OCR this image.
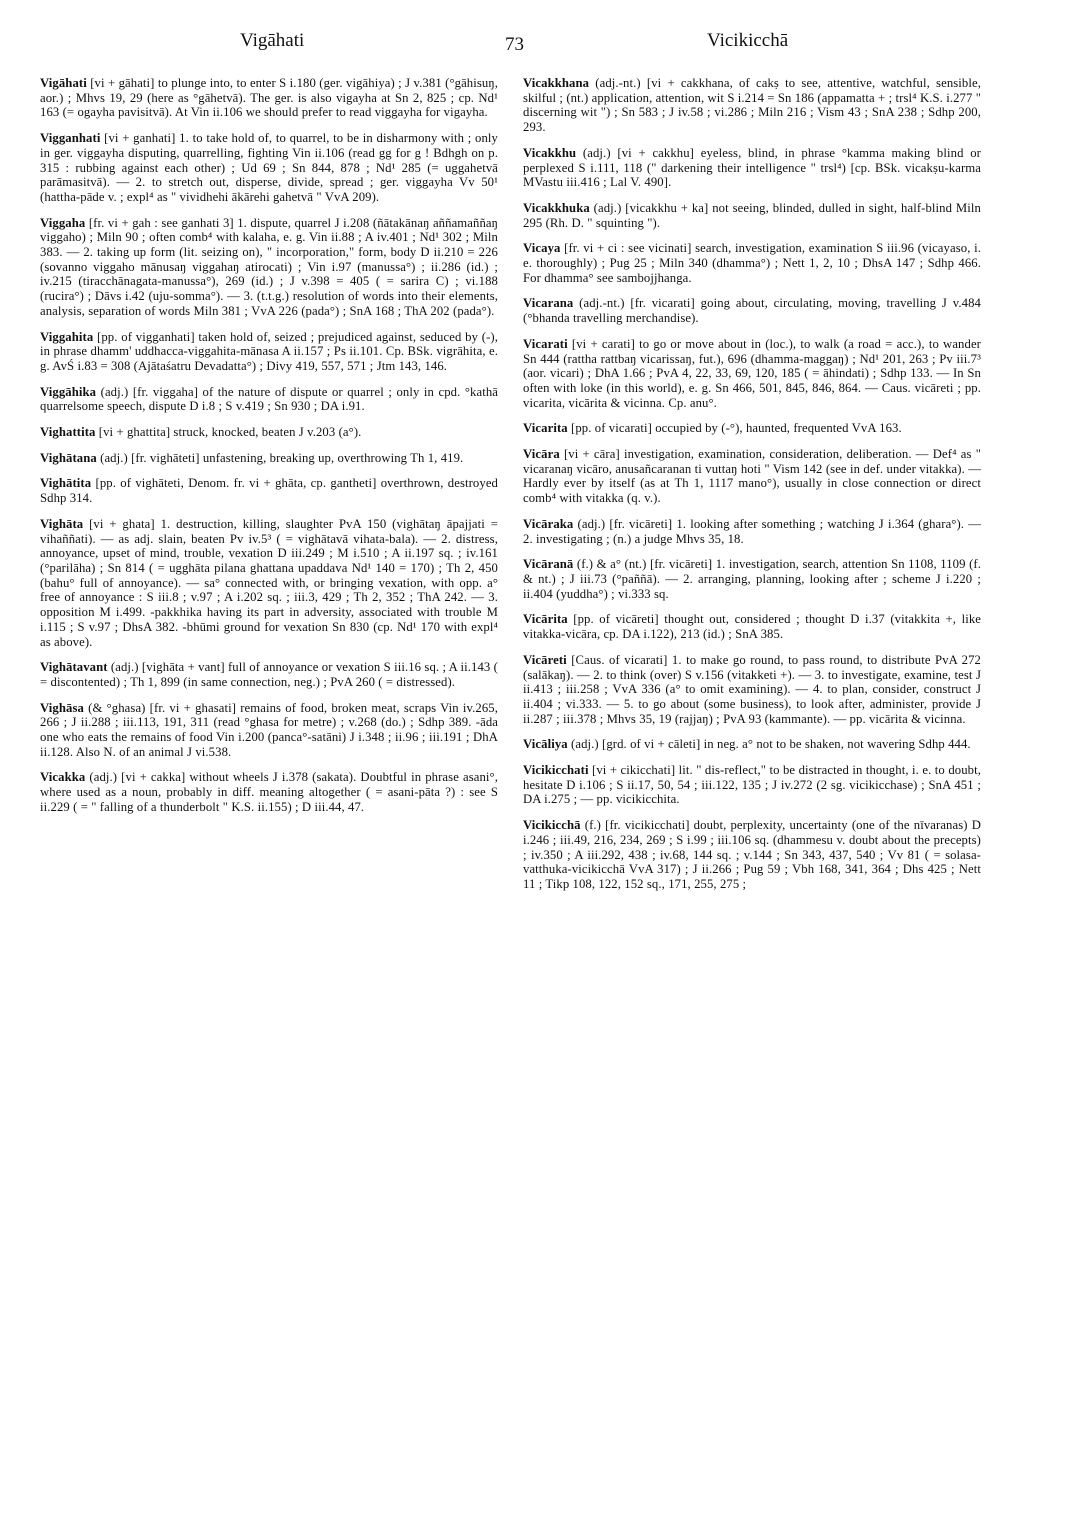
Vigāhati	73	Vicikicchā

Vigāhati [vi + gāhati] to plunge into, to enter S i.180 (ger. vigāhiya) ; J v.381 (°gāhisuŋ, aor.) ; Mhvs 19, 29 (here as °gāhetvā). The ger. is also vigayha at Sn 2, 825 ; cp. Nd¹ 163 (= ogayha pavisitvā). At Vin ii.106 we should prefer to read viggayha for vigayha.

Vigganhati [vi + ganhati] 1. to take hold of, to quarrel, to be in disharmony with ; only in ger. viggayha disputing, quarrelling, fighting Vin ii.106 (read gg for g ! Bdhgh on p. 315 : rubbing against each other) ; Ud 69 ; Sn 844, 878 ; Nd¹ 285 (= uggahetvā parāmasitvā). — 2. to stretch out, disperse, divide, spread ; ger. viggayha Vv 50¹ (hattha-pāde v. ; expl⁴ as " vividhehi ākārehi gahetvā " VvA 209).

Viggaha [fr. vi + gah : see ganhati 3] 1. dispute, quarrel J i.208 (ñātakānaŋ aññamaññaŋ viggaho) ; Miln 90 ; often comb⁴ with kalaha, e. g. Vin ii.88 ; A iv.401 ; Nd¹ 302 ; Miln 383. — 2. taking up form (lit. seizing on), " incorporation," form, body D ii.210 = 226 (sovanno viggaho mānusaŋ viggahaŋ atirocati) ; Vin i.97 (manussa°) ; ii.286 (id.) ; iv.215 (tiracchānagata-manussa°), 269 (id.) ; J v.398 = 405 ( = sarira C) ; vi.188 (rucira°) ; Dāvs i.42 (uju-somma°). — 3. (t.t.g.) resolution of words into their elements, analysis, separation of words Miln 381 ; VvA 226 (pada°) ; SnA 168 ; ThA 202 (pada°).

Viggahita [pp. of vigganhati] taken hold of, seized ; prejudiced against, seduced by (-), in phrase dhamm' uddhacca-viggahita-mānasa A ii.157 ; Ps ii.101. Cp. BSk. vigrāhita, e. g. AvŚ i.83 = 308 (Ajātaśatru Devadatta°) ; Divy 419, 557, 571 ; Jtm 143, 146.

Viggāhika (adj.) [fr. viggaha] of the nature of dispute or quarrel ; only in cpd. °kathā quarrelsome speech, dispute D i.8 ; S v.419 ; Sn 930 ; DA i.91.

Vighattita [vi + ghattita] struck, knocked, beaten J v.203 (a°).

Vighātana (adj.) [fr. vighāteti] unfastening, breaking up, overthrowing Th 1, 419.

Vighātita [pp. of vighāteti, Denom. fr. vi + ghāta, cp. gantheti] overthrown, destroyed Sdhp 314.

Vighāta [vi + ghata] 1. destruction, killing, slaughter PvA 150 (vighātaŋ āpajjati = vihaññati). — as adj. slain, beaten Pv iv.5³ ( = vighātavā vihata-bala). — 2. distress, annoyance, upset of mind, trouble, vexation D iii.249 ; M i.510 ; A ii.197 sq. ; iv.161 (°parilāha) ; Sn 814 ( = ugghāta pilana ghattana upaddava Nd¹ 140 = 170) ; Th 2, 450 (bahu° full of annoyance). — sa° connected with, or bringing vexation, with opp. a° free of annoyance : S iii.8 ; v.97 ; A i.202 sq. ; iii.3, 429 ; Th 2, 352 ; ThA 242. — 3. opposition M i.499. -pakkhika having its part in adversity, associated with trouble M i.115 ; S v.97 ; DhsA 382. -bhūmi ground for vexation Sn 830 (cp. Nd¹ 170 with expl⁴ as above).

Vighātavant (adj.) [vighāta + vant] full of annoyance or vexation S iii.16 sq. ; A ii.143 ( = discontented) ; Th 1, 899 (in same connection, neg.) ; PvA 260 ( = distressed).

Vighāsa (& °ghasa) [fr. vi + ghasati] remains of food, broken meat, scraps Vin iv.265, 266 ; J ii.288 ; iii.113, 191, 311 (read °ghasa for metre) ; v.268 (do.) ; Sdhp 389. -āda one who eats the remains of food Vin i.200 (panca°-satāni) J i.348 ; ii.96 ; iii.191 ; DhA ii.128. Also N. of an animal J vi.538.

Vicakka (adj.) [vi + cakka] without wheels J i.378 (sakata). Doubtful in phrase asani°, where used as a noun, probably in diff. meaning altogether ( = asani-pāta ?) : see S ii.229 ( = " falling of a thunderbolt " K.S. ii.155) ; D iii.44, 47.

Vicakkhana (adj.-nt.) [vi + cakkhana, of cakṣ to see, attentive, watchful, sensible, skilful ; (nt.) application, attention, wit S i.214 = Sn 186 (appamatta + ; trsl⁴ K.S. i.277 " discerning wit ") ; Sn 583 ; J iv.58 ; vi.286 ; Miln 216 ; Vism 43 ; SnA 238 ; Sdhp 200, 293.

Vicakkhu (adj.) [vi + cakkhu] eyeless, blind, in phrase °kamma making blind or perplexed S i.111, 118 (" darkening their intelligence " trsl⁴) [cp. BSk. vicakṣu-karma MVastu iii.416 ; Lal V. 490].

Vicakkhuka (adj.) [vicakkhu + ka] not seeing, blinded, dulled in sight, half-blind Miln 295 (Rh. D. " squinting ").

Vicaya [fr. vi + ci : see vicinati] search, investigation, examination S iii.96 (vicayaso, i. e. thoroughly) ; Pug 25 ; Miln 340 (dhamma°) ; Nett 1, 2, 10 ; DhsA 147 ; Sdhp 466. For dhamma° see sambojjhanga.

Vicarana (adj.-nt.) [fr. vicarati] going about, circulating, moving, travelling J v.484 (°bhanda travelling merchandise).

Vicarati [vi + carati] to go or move about in (loc.), to walk (a road = acc.), to wander Sn 444 (rattha rattbaŋ vicarissaŋ, fut.), 696 (dhamma-maggaŋ) ; Nd¹ 201, 263 ; Pv iii.7³ (aor. vicari) ; DhA 1.66 ; PvA 4, 22, 33, 69, 120, 185 ( = āhindati) ; Sdhp 133. — In Sn often with loke (in this world), e. g. Sn 466, 501, 845, 846, 864. — Caus. vicāreti ; pp. vicarita, vicārita & vicinna. Cp. anu°.

Vicarita [pp. of vicarati] occupied by (-°), haunted, frequented VvA 163.

Vicāra [vi + cāra] investigation, examination, consideration, deliberation. — Def⁴ as " vicaranaŋ vicāro, anusañcaranan ti vuttaŋ hoti " Vism 142 (see in def. under vitakka). — Hardly ever by itself (as at Th 1, 1117 mano°), usually in close connection or direct comb⁴ with vitakka (q. v.).

Vicāraka (adj.) [fr. vicāreti] 1. looking after something ; watching J i.364 (ghara°). — 2. investigating ; (n.) a judge Mhvs 35, 18.

Vicāranā (f.) & a° (nt.) [fr. vicāreti] 1. investigation, search, attention Sn 1108, 1109 (f. & nt.) ; J iii.73 (°paññā). — 2. arranging, planning, looking after ; scheme J i.220 ; ii.404 (yuddha°) ; vi.333 sq.

Vicārita [pp. of vicāreti] thought out, considered ; thought D i.37 (vitakkita +, like vitakka-vicāra, cp. DA i.122), 213 (id.) ; SnA 385.

Vicāreti [Caus. of vicarati] 1. to make go round, to pass round, to distribute PvA 272 (salākaŋ). — 2. to think (over) S v.156 (vitakketi +). — 3. to investigate, examine, test J ii.413 ; iii.258 ; VvA 336 (a° to omit examining). — 4. to plan, consider, construct J ii.404 ; vi.333. — 5. to go about (some business), to look after, administer, provide J ii.287 ; iii.378 ; Mhvs 35, 19 (rajjaŋ) ; PvA 93 (kammante). — pp. vicārita & vicinna.

Vicāliya (adj.) [grd. of vi + cāleti] in neg. a° not to be shaken, not wavering Sdhp 444.

Vicikicchati [vi + cikicchati] lit. " dis-reflect," to be distracted in thought, i. e. to doubt, hesitate D i.106 ; S ii.17, 50, 54 ; iii.122, 135 ; J iv.272 (2 sg. vicikicchase) ; SnA 451 ; DA i.275 ; — pp. vicikicchita.

Vicikicchā (f.) [fr. vicikicchati] doubt, perplexity, uncertainty (one of the nīvaranas) D i.246 ; iii.49, 216, 234, 269 ; S i.99 ; iii.106 sq. (dhammesu v. doubt about the precepts) ; iv.350 ; A iii.292, 438 ; iv.68, 144 sq. ; v.144 ; Sn 343, 437, 540 ; Vv 81 ( = solasa-vatthuka-vicikicchā VvA 317) ; J ii.266 ; Pug 59 ; Vbh 168, 341, 364 ; Dhs 425 ; Nett 11 ; Tikp 108, 122, 152 sq., 171, 255, 275 ;
